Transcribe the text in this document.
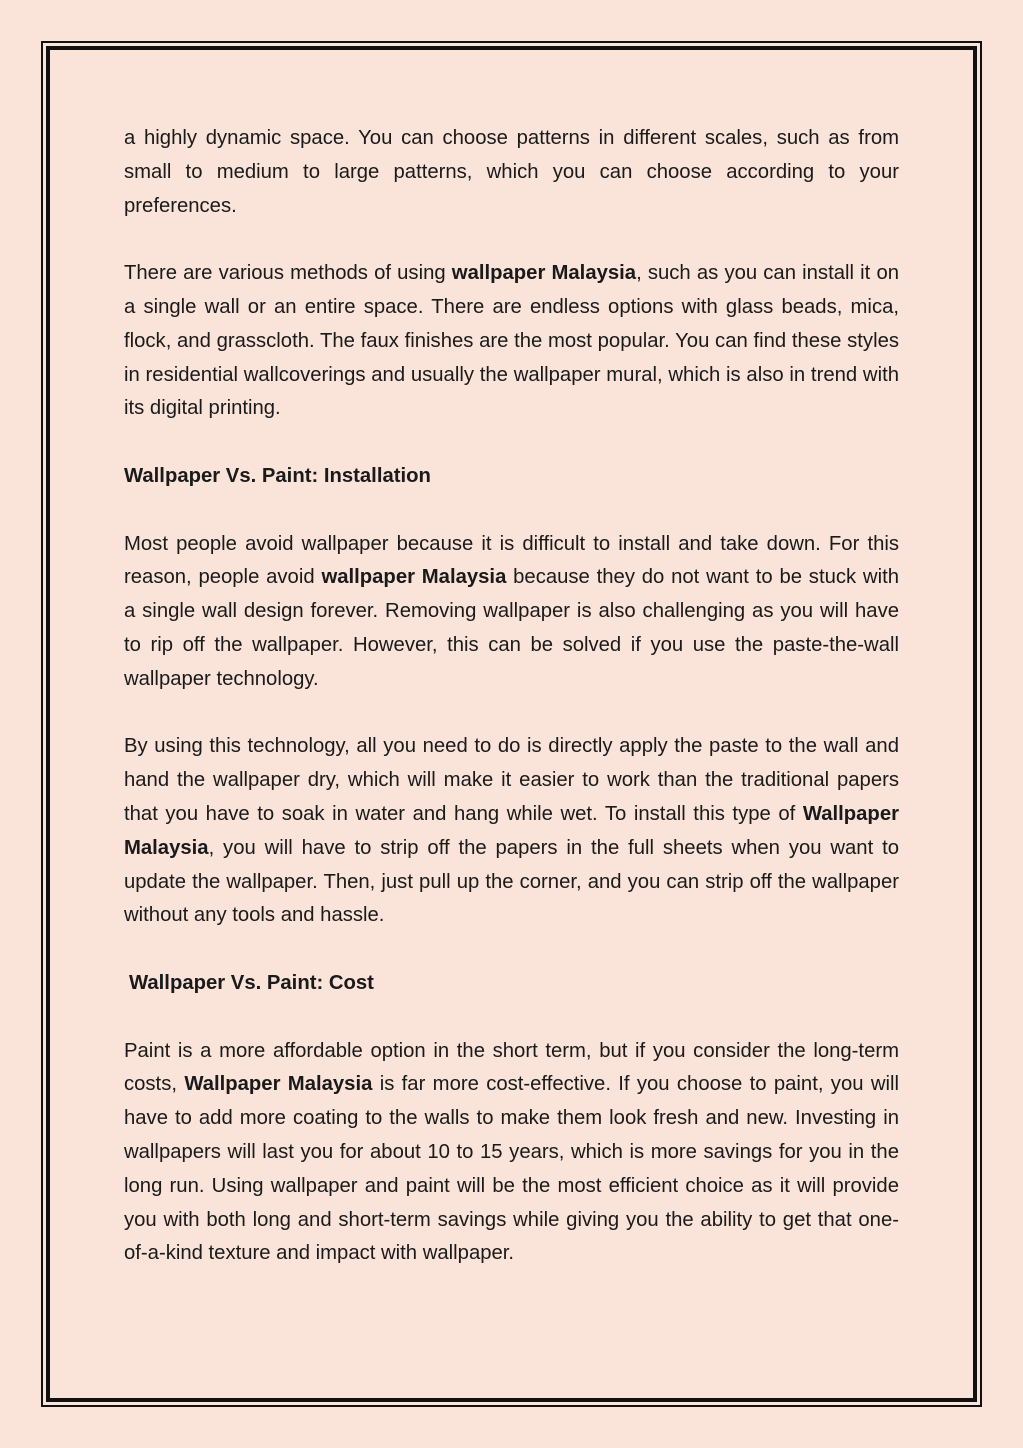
a highly dynamic space. You can choose patterns in different scales, such as from small to medium to large patterns, which you can choose according to your preferences.

There are various methods of using wallpaper Malaysia, such as you can install it on a single wall or an entire space. There are endless options with glass beads, mica, flock, and grasscloth. The faux finishes are the most popular. You can find these styles in residential wallcoverings and usually the wallpaper mural, which is also in trend with its digital printing.

Wallpaper Vs. Paint: Installation

Most people avoid wallpaper because it is difficult to install and take down. For this reason, people avoid wallpaper Malaysia because they do not want to be stuck with a single wall design forever. Removing wallpaper is also challenging as you will have to rip off the wallpaper. However, this can be solved if you use the paste-the-wall wallpaper technology.

By using this technology, all you need to do is directly apply the paste to the wall and hand the wallpaper dry, which will make it easier to work than the traditional papers that you have to soak in water and hang while wet. To install this type of Wallpaper Malaysia, you will have to strip off the papers in the full sheets when you want to update the wallpaper. Then, just pull up the corner, and you can strip off the wallpaper without any tools and hassle.

Wallpaper Vs. Paint: Cost

Paint is a more affordable option in the short term, but if you consider the long-term costs, Wallpaper Malaysia is far more cost-effective. If you choose to paint, you will have to add more coating to the walls to make them look fresh and new. Investing in wallpapers will last you for about 10 to 15 years, which is more savings for you in the long run. Using wallpaper and paint will be the most efficient choice as it will provide you with both long and short-term savings while giving you the ability to get that one-of-a-kind texture and impact with wallpaper.
